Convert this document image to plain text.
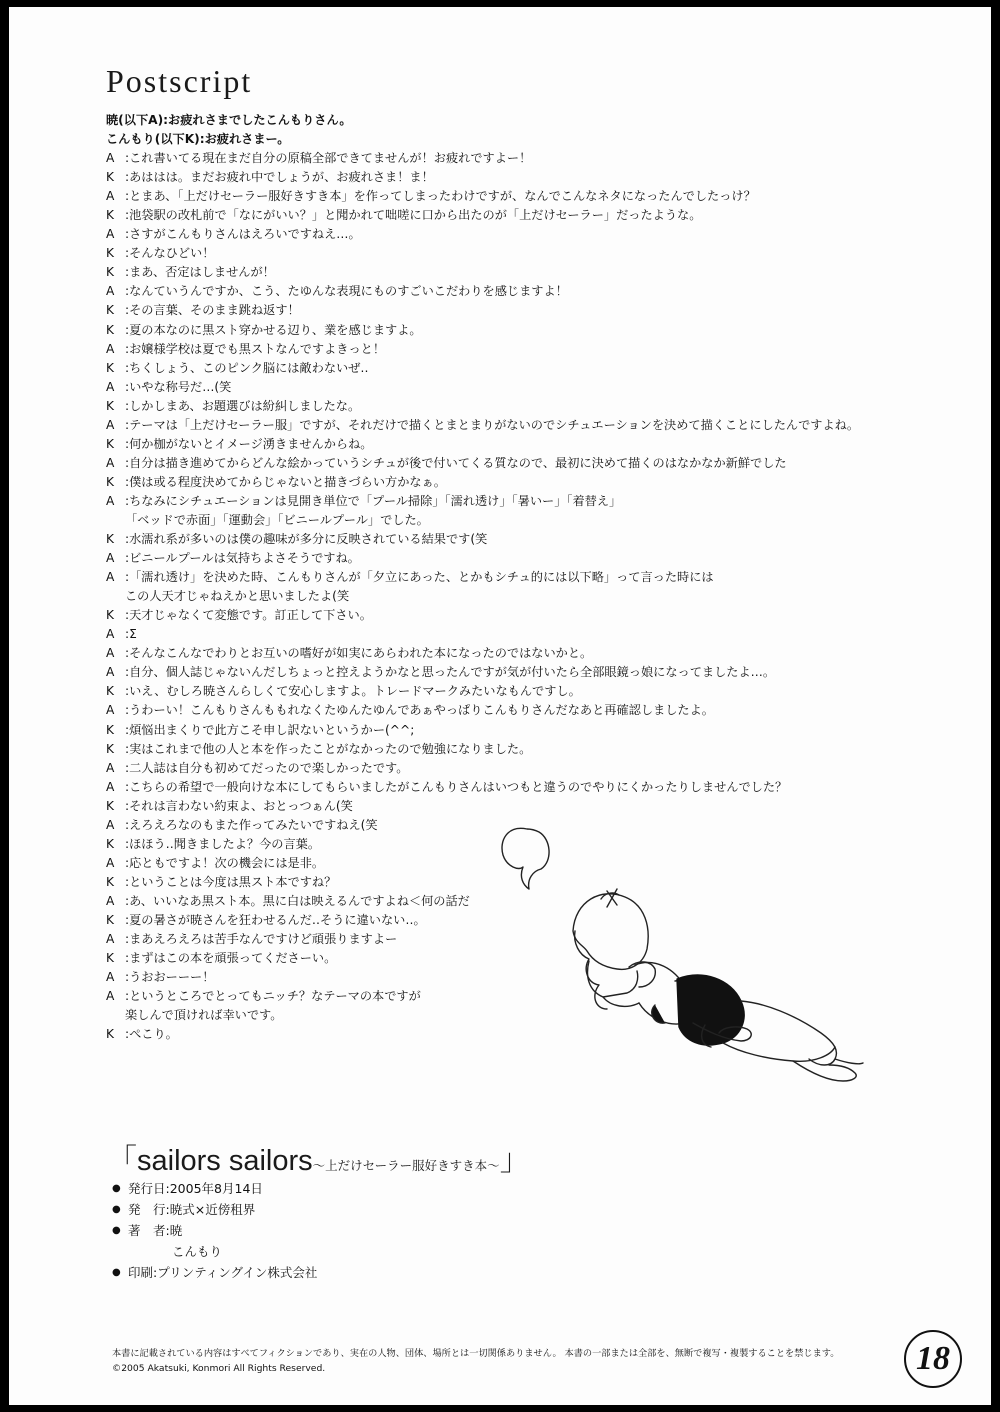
Postscript
暁(以下A) :お疲れさまでしたこんもりさん。
こんもり(以下K) :お疲れさまー。
A :これ書いてる現在まだ自分の原稿全部できてませんが！お疲れですよー！
K :あははは。まだお疲れ中でしょうが、お疲れさま！ま！
A :とまあ、「上だけセーラー服好きすき本」を作ってしまったわけですが、なんでこんなネタになったんでしたっけ？
K :池袋駅の改札前で「なにがいい？」と聞かれて咄嗟に口から出たのが「上だけセーラー」だったような。
A :さすがこんもりさんはえろいですねえ…。
K :そんなひどい！
K :まあ、否定はしませんが！
A :なんていうんですか、こう、たゆんな表現にものすごいこだわりを感じますよ！
K :その言葉、そのまま跳ね返す！
K :夏の本なのに黒スト穿かせる辺り、業を感じますよ。
A :お嬢様学校は夏でも黒ストなんですよきっと！
K :ちくしょう、このピンク脳には敵わないぜ‥
A :いやな称号だ…(笑
K :しかしまあ、お題選びは紛糾しましたな。
A :テーマは「上だけセーラー服」ですが、それだけで描くとまとまりがないのでシチュエーションを決めて描くことにしたんですよね。
K :何か枷がないとイメージ湧きませんからね。
A :自分は描き進めてからどんな絵かっていうシチュが後で付いてくる質なので、最初に決めて描くのはなかなか新鮮でした
K :僕は或る程度決めてからじゃないと描きづらい方かなぁ。
A :ちなみにシチュエーションは見開き単位で「プール掃除」「濡れ透け」「暑いー」「着替え」
「ベッドで赤面」「運動会」「ビニールプール」でした。
K :水濡れ系が多いのは僕の趣味が多分に反映されている結果です(笑
A :ビニールプールは気持ちよさそうですね。
A :「濡れ透け」を決めた時、こんもりさんが「夕立にあった、とかもシチュ的には以下略」って言った時には
この人天才じゃねえかと思いましたよ(笑
K :天才じゃなくて変態です。訂正して下さい。
A :Σ
A :そんなこんなでわりとお互いの嗜好が如実にあらわれた本になったのではないかと。
A :自分、個人誌じゃないんだしちょっと控えようかなと思ったんですが気が付いたら全部眼鏡っ娘になってましたよ…。
K :いえ、むしろ暁さんらしくて安心しますよ。トレードマークみたいなもんですし。
A :うわーい！こんもりさんももれなくたゆんたゆんであぁやっぱりこんもりさんだなあと再確認しましたよ。
K :煩悩出まくりで此方こそ申し訳ないというかー(^^;
K :実はこれまで他の人と本を作ったことがなかったので勉強になりました。
A :二人誌は自分も初めてだったので楽しかったです。
A :こちらの希望で一般向けな本にしてもらいましたがこんもりさんはいつもと違うのでやりにくかったりしませんでした？
K :それは言わない約束よ、おとっつぁん(笑
A :えろえろなのもまた作ってみたいですねえ(笑
K :ほほう‥聞きましたよ？今の言葉。
A :応ともですよ！次の機会には是非。
K :ということは今度は黒スト本ですね？
A :あ、いいなあ黒スト本。黒に白は映えるんですよね＜何の話だ
K :夏の暑さが暁さんを狂わせるんだ‥そうに違いない‥。
A :まあえろえろは苦手なんですけど頑張りますよー
K :まずはこの本を頑張ってくださーい。
A :うおおーーー！
A :というところでとってもニッチ？なテーマの本ですが
楽しんで頂ければ幸いです。
K :ぺこり。
「sailors sailors～上だけセーラー服好きすき本～」
● 発行日 :2005年8月14日
● 発　行 :暁式×近傍租界
● 著　者 :暁
こんもり
● 印刷 :プリンティングイン株式会社
本書に記載されている内容はすべてフィクションであり、実在の人物、団体、場所とは一切関係ありません。 本書の一部または全部を、無断で複写・複製することを禁じます。
©2005 Akatsuki, Konmori All Rights Reserved.	18
